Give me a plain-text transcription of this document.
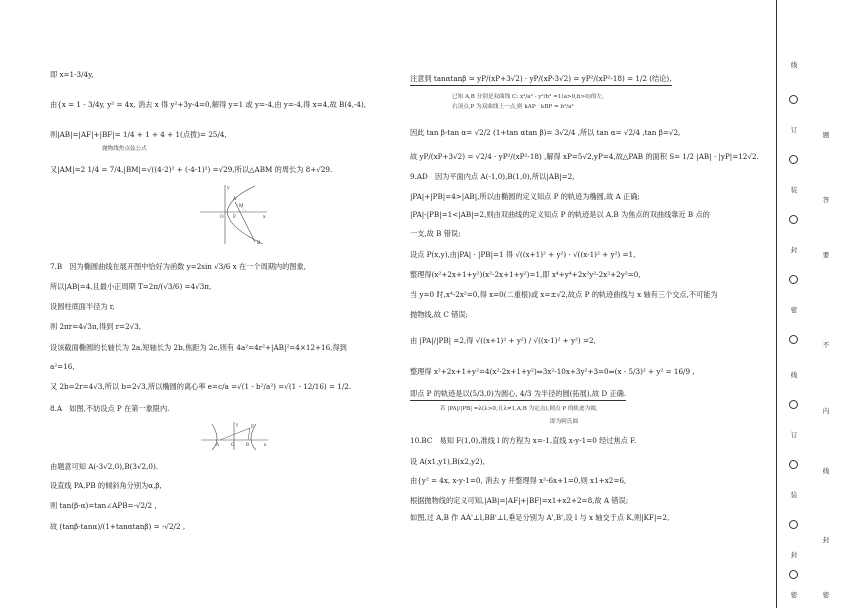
即 x=1-3/4y,
由{x = 1 - 3/4y, y² = 4x, 消去 x 得 y²+3y-4=0,解得 y=1 或 y=-4,由 y=-4,得 x=4,故 B(4,-4),
则|AB|=|AF|+|BF|= 1/4 + 1 + 4 + 1(点拨)= 25/4,
抛物线焦点弦公式
又|AM|=2 1/4 = 7/4,|BM|=√((4-2)² + (-4-1)²) =√29,所以△ABM 的周长为 8+√29.
y
A
M
F
O	x
B
7.B　因为椭圆曲线在展开图中恰好为函数 y=2sin √3/6 x 在一个周期内的图象,
所以|AB|=4,且最小正周期 T=2π/(√3/6) =4√3π,
设圆柱底面半径为 r,
则 2πr=4√3π,得到 r=2√3,
设该截面椭圆的长轴长为 2a,短轴长为 2b,焦距为 2c,则有 4a²=4r²+|AB|²=4×12+16,得到
a²=16,
又 2b=2r=4√3,所以 b=2√3,所以椭圆的离心率 e=c/a =√(1 - b²/a²) =√(1 - 12/16) = 1/2.
8.A　如图,不妨设点 P 在第一象限内.
y	P
A	O	B	x
由题意可知 A(-3√2,0),B(3√2,0).
设直线 PA,PB 的倾斜角分别为α,β,
则 tan(β-α)=tan∠APB=-√2/2 ,
故 (tanβ-tanα)/(1+tanαtanβ) = -√2/2 ,
注意到 tanαtanβ = yP/(xP+3√2) · yP/(xP-3√2) = yP²/(xP²-18) = 1/2 (结论),
已知 A,B 分别是双曲线 C: x²/a² - y²/b² =1(a>0,b>0)的左,
右顶点,P 为双曲线上一点,则 kAP · kBP = b²/a²
因此 tan β-tan α= √2/2 (1+tan αtan β)= 3√2/4 ,所以 tan α= √2/4 ,tan β=√2,
故 yP/(xP+3√2) = √2/4 · yP²/(xP²-18) ,解得 xP=5√2,yP=4,故△PAB 的面积 S= 1/2 |AB| · |yP|=12√2.
9.AD　因为平面内点 A(-1,0),B(1,0),所以|AB|=2,
|PA|+|PB|=4>|AB|,所以由椭圆的定义知点 P 的轨迹为椭圆,故 A 正确;
|PA|-|PB|=1<|AB|=2,则由双曲线的定义知点 P 的轨迹是以 A,B 为焦点的双曲线靠近 B 点的
一支,故 B 错误;
设点 P(x,y),由|PA| · |PB|=1 得 √((x+1)² + y²) · √((x-1)² + y²) =1,
整理得(x²+2x+1+y²)(x²-2x+1+y²)=1,即 x⁴+y⁴+2x²y²-2x²+2y²=0,
当 y=0 时,x⁴-2x²=0,得 x=0(二重根)或 x=±√2,故点 P 的轨迹曲线与 x 轴有三个交点,不可能为
抛物线,故 C 错误;
由 |PA|/|PB| =2,得 √((x+1)² + y²) / √((x-1)² + y²) =2,
整理得 x²+2x+1+y²=4(x²-2x+1+y²)⇒3x²-10x+3y²+3=0⇒(x - 5/3)² + y² = 16/9 ,
即点 P 的轨迹是以(5/3,0)为圆心, 4/3 为半径的圆(拓展),故 D 正确.
若 |PA|/|PB| =λ(λ>0,且λ≠1,A,B 为定点),则点 P 的轨迹为圆,
即为阿氏圆
10.BC　易知 F(1,0),准线 l 的方程为 x=-1,直线 x-y-1=0 经过焦点 F.
设 A(x1,y1),B(x2,y2),
由{y² = 4x, x-y-1=0, 消去 y 并整理得 x²-6x+1=0,则 x1+x2=6,
根据抛物线的定义可知,|AB|=|AF|+|BF|=x1+x2+2=8,故 A 错误;
如图,过 A,B 作 AA'⊥l,BB'⊥l,垂足分别为 A',B',设 l 与 x 轴交于点 K,则|KF|=2,
线
订
装
封
密
线
订
装
封
密
题
答
要
不
内
线
封
密
